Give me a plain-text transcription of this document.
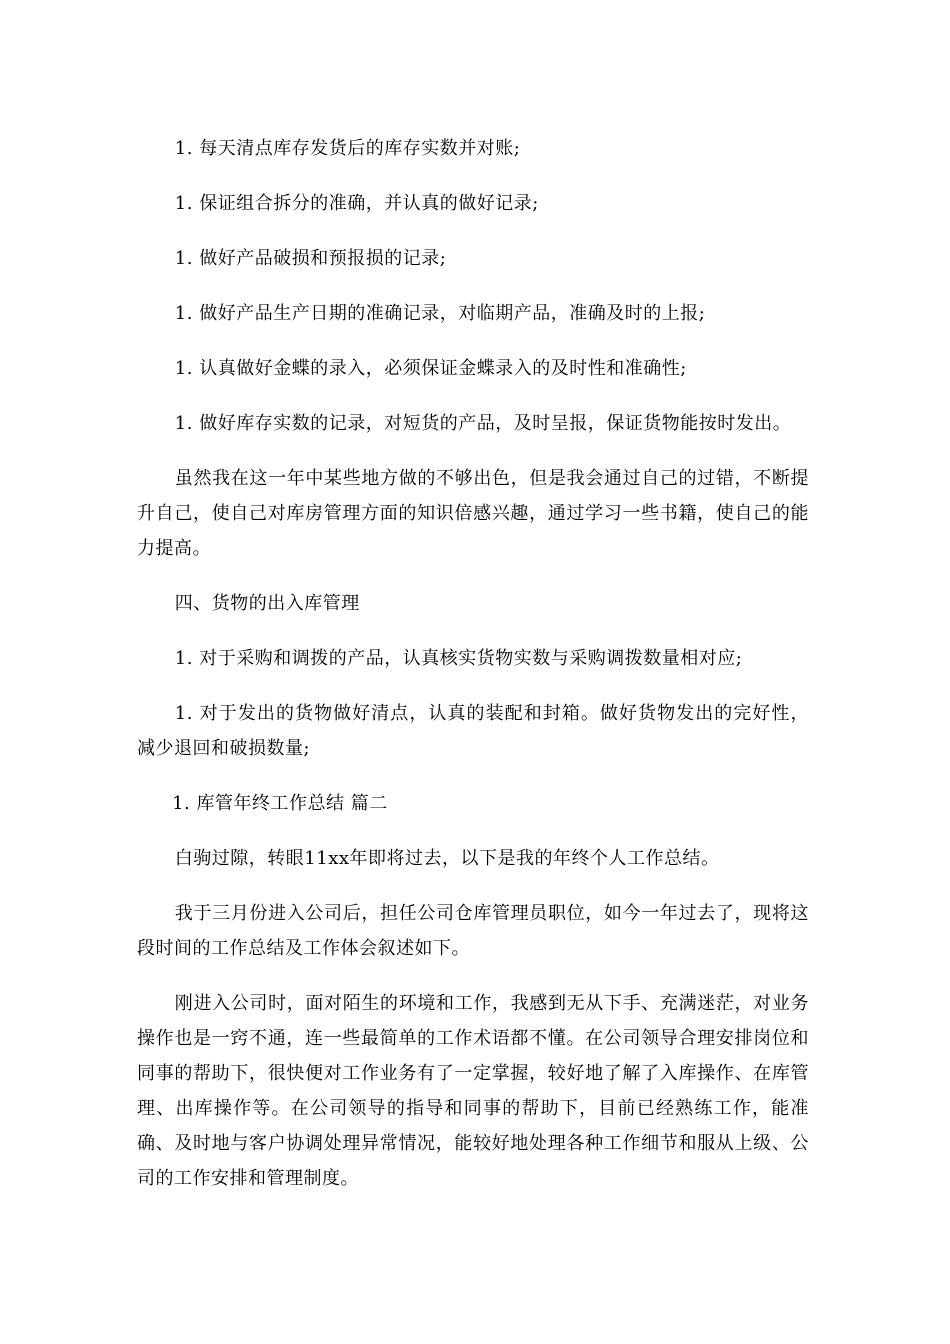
1. 每天清点库存发货后的库存实数并对账;

1. 保证组合拆分的准确，并认真的做好记录;

1. 做好产品破损和预报损的记录;

1. 做好产品生产日期的准确记录，对临期产品，准确及时的上报;

1. 认真做好金蝶的录入，必须保证金蝶录入的及时性和准确性;

1. 做好库存实数的记录，对短货的产品，及时呈报，保证货物能按时发出。

虽然我在这一年中某些地方做的不够出色，但是我会通过自己的过错，不断提升自己，使自己对库房管理方面的知识倍感兴趣，通过学习一些书籍，使自己的能力提高。

四、货物的出入库管理

1. 对于采购和调拨的产品，认真核实货物实数与采购调拨数量相对应;

1. 对于发出的货物做好清点，认真的装配和封箱。做好货物发出的完好性，减少退回和破损数量;

1. 库管年终工作总结 篇二

白驹过隙，转眼11xx年即将过去，以下是我的年终个人工作总结。

我于三月份进入公司后，担任公司仓库管理员职位，如今一年过去了，现将这段时间的工作总结及工作体会叙述如下。

刚进入公司时，面对陌生的环境和工作，我感到无从下手、充满迷茫，对业务操作也是一窍不通，连一些最简单的工作术语都不懂。在公司领导合理安排岗位和同事的帮助下，很快便对工作业务有了一定掌握，较好地了解了入库操作、在库管理、出库操作等。在公司领导的指导和同事的帮助下，目前已经熟练工作，能准确、及时地与客户协调处理异常情况，能较好地处理各种工作细节和服从上级、公司的工作安排和管理制度。
